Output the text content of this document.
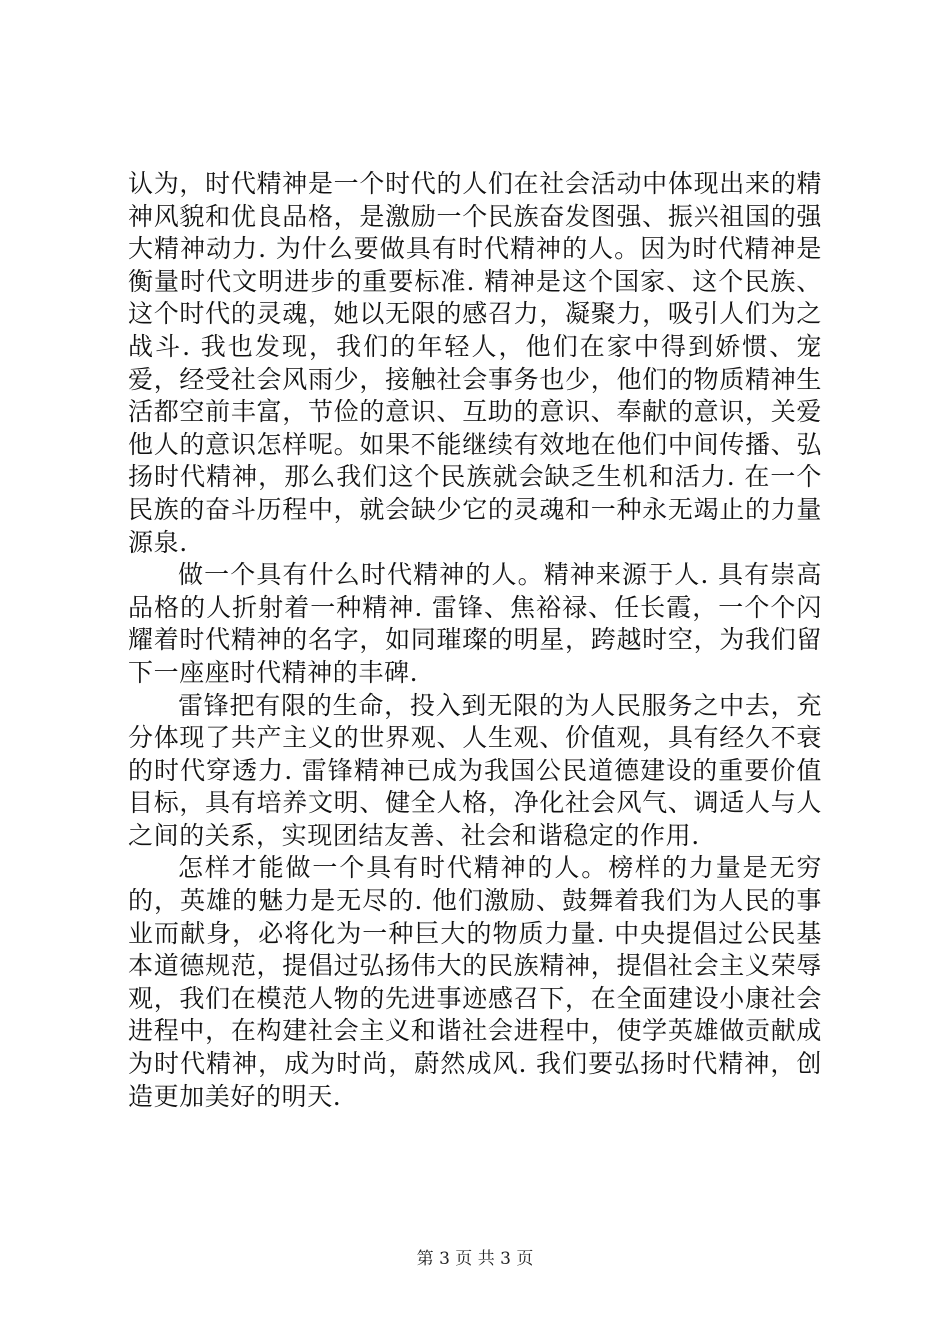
认为，时代精神是一个时代的人们在社会活动中体现出来的精神风貌和优良品格，是激励一个民族奋发图强、振兴祖国的强大精神动力. 为什么要做具有时代精神的人。因为时代精神是衡量时代文明进步的重要标准. 精神是这个国家、这个民族、这个时代的灵魂，她以无限的感召力，凝聚力，吸引人们为之战斗. 我也发现，我们的年轻人，他们在家中得到娇惯、宠爱，经受社会风雨少，接触社会事务也少，他们的物质精神生活都空前丰富，节俭的意识、互助的意识、奉献的意识，关爱他人的意识怎样呢。如果不能继续有效地在他们中间传播、弘扬时代精神，那么我们这个民族就会缺乏生机和活力. 在一个民族的奋斗历程中，就会缺少它的灵魂和一种永无竭止的力量源泉.

做一个具有什么时代精神的人。精神来源于人. 具有崇高品格的人折射着一种精神. 雷锋、焦裕禄、任长霞，一个个闪耀着时代精神的名字，如同璀璨的明星，跨越时空，为我们留下一座座时代精神的丰碑.

雷锋把有限的生命，投入到无限的为人民服务之中去，充分体现了共产主义的世界观、人生观、价值观，具有经久不衰的时代穿透力. 雷锋精神已成为我国公民道德建设的重要价值目标，具有培养文明、健全人格，净化社会风气、调适人与人之间的关系，实现团结友善、社会和谐稳定的作用.

怎样才能做一个具有时代精神的人。榜样的力量是无穷的，英雄的魅力是无尽的. 他们激励、鼓舞着我们为人民的事业而献身，必将化为一种巨大的物质力量. 中央提倡过公民基本道德规范，提倡过弘扬伟大的民族精神，提倡社会主义荣辱观，我们在模范人物的先进事迹感召下，在全面建设小康社会进程中，在构建社会主义和谐社会进程中，使学英雄做贡献成为时代精神，成为时尚，蔚然成风. 我们要弘扬时代精神，创造更加美好的明天.

第 3 页 共 3 页
